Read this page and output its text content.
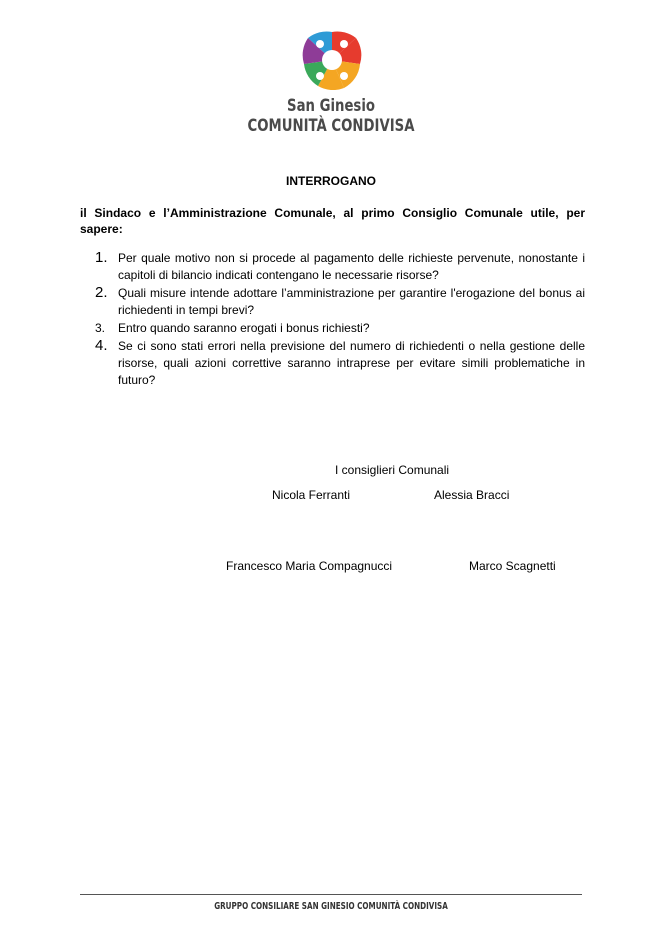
San Ginesio
COMUNITÀ CONDIVISA
INTERROGANO
il Sindaco e l’Amministrazione Comunale, al primo Consiglio Comunale utile, per sapere:
1. Per quale motivo non si procede al pagamento delle richieste pervenute, nonostante i capitoli di bilancio indicati contengano le necessarie risorse?
2. Quali misure intende adottare l’amministrazione per garantire l'erogazione del bonus ai richiedenti in tempi brevi?
3. Entro quando saranno erogati i bonus richiesti?
4. Se ci sono stati errori nella previsione del numero di richiedenti o nella gestione delle risorse, quali azioni correttive saranno intraprese per evitare simili problematiche in futuro?
I consiglieri Comunali
Nicola Ferranti	Alessia Bracci
Francesco Maria Compagnucci	Marco Scagnetti
GRUPPO CONSILIARE SAN GINESIO COMUNITÀ CONDIVISA
